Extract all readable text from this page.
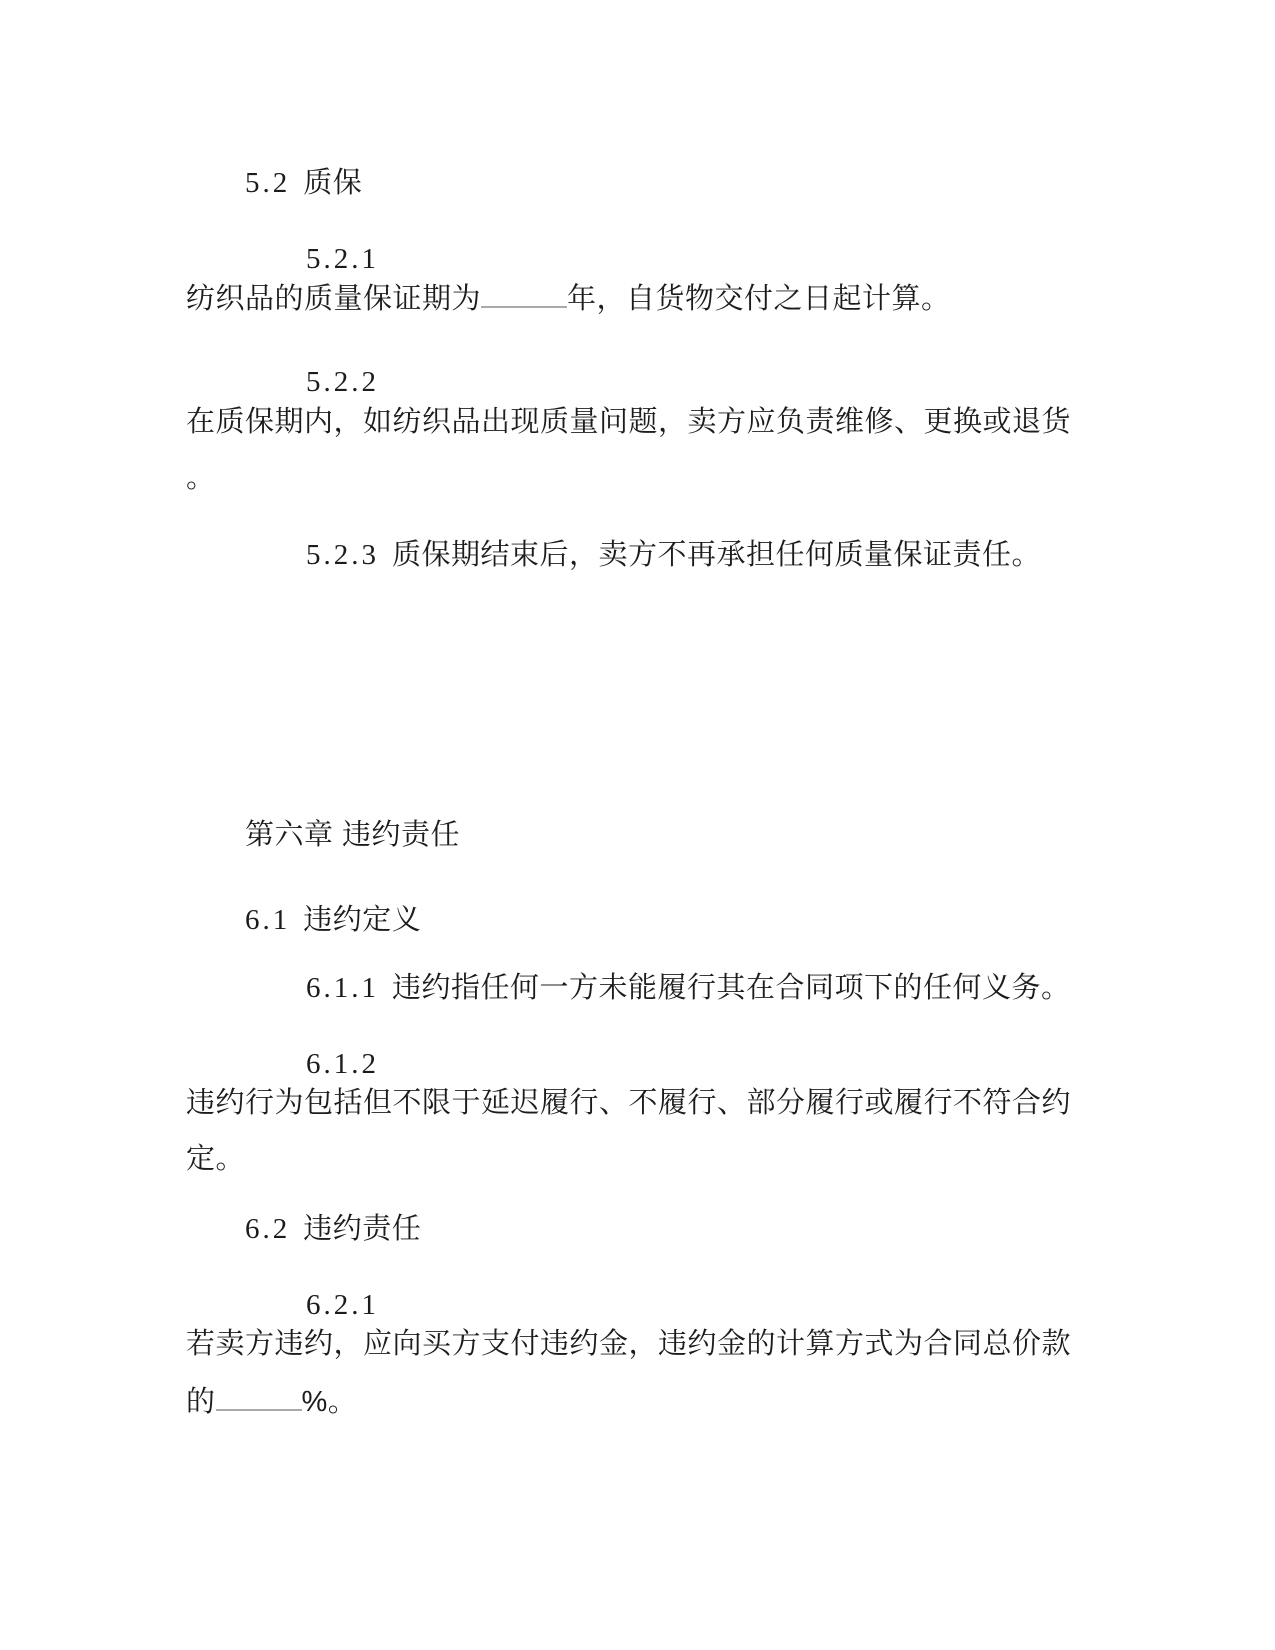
5.2 质保
5.2.1
纺织品的质量保证期为	年，自货物交付之日起计算。
5.2.2
在质保期内，如纺织品出现质量问题，卖方应负责维修、更换或退货
。
5.2.3 质保期结束后，卖方不再承担任何质量保证责任。
第六章 违约责任
6.1 违约定义
6.1.1 违约指任何一方未能履行其在合同项下的任何义务。
6.1.2
违约行为包括但不限于延迟履行、不履行、部分履行或履行不符合约
定。
6.2 违约责任
6.2.1
若卖方违约，应向买方支付违约金，违约金的计算方式为合同总价款
的	%。
